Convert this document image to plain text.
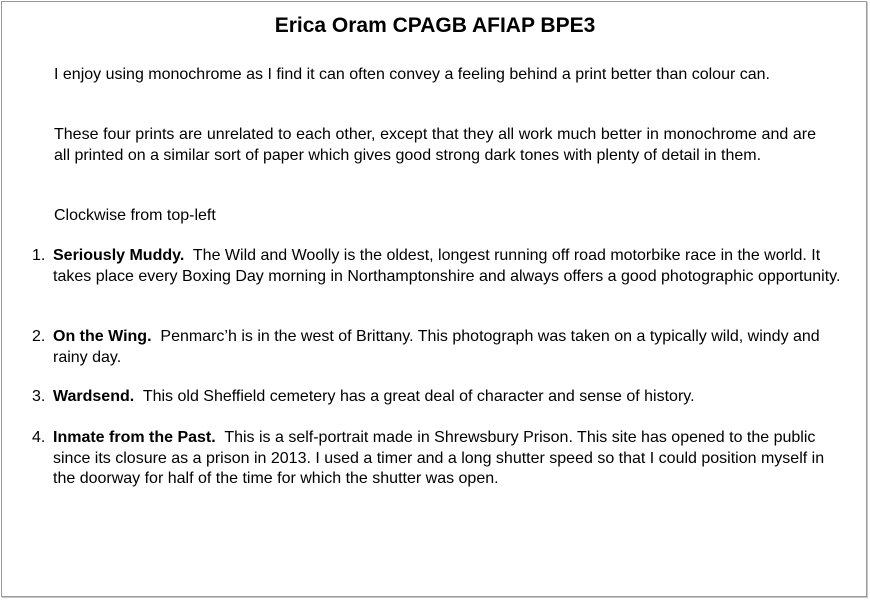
Erica Oram CPAGB AFIAP BPE3
I enjoy using monochrome as I find it can often convey a feeling behind a print better than colour can.
These four prints are unrelated to each other, except that they all work much better in monochrome and are all printed on a similar sort of paper which gives good strong dark tones with plenty of detail in them.
Clockwise from top-left
1. Seriously Muddy. The Wild and Woolly is the oldest, longest running off road motorbike race in the world. It takes place every Boxing Day morning in Northamptonshire and always offers a good photographic opportunity.
2. On the Wing. Penmarc’h is in the west of Brittany. This photograph was taken on a typically wild, windy and rainy day.
3. Wardsend. This old Sheffield cemetery has a great deal of character and sense of history.
4. Inmate from the Past. This is a self-portrait made in Shrewsbury Prison. This site has opened to the public since its closure as a prison in 2013. I used a timer and a long shutter speed so that I could position myself in the doorway for half of the time for which the shutter was open.
